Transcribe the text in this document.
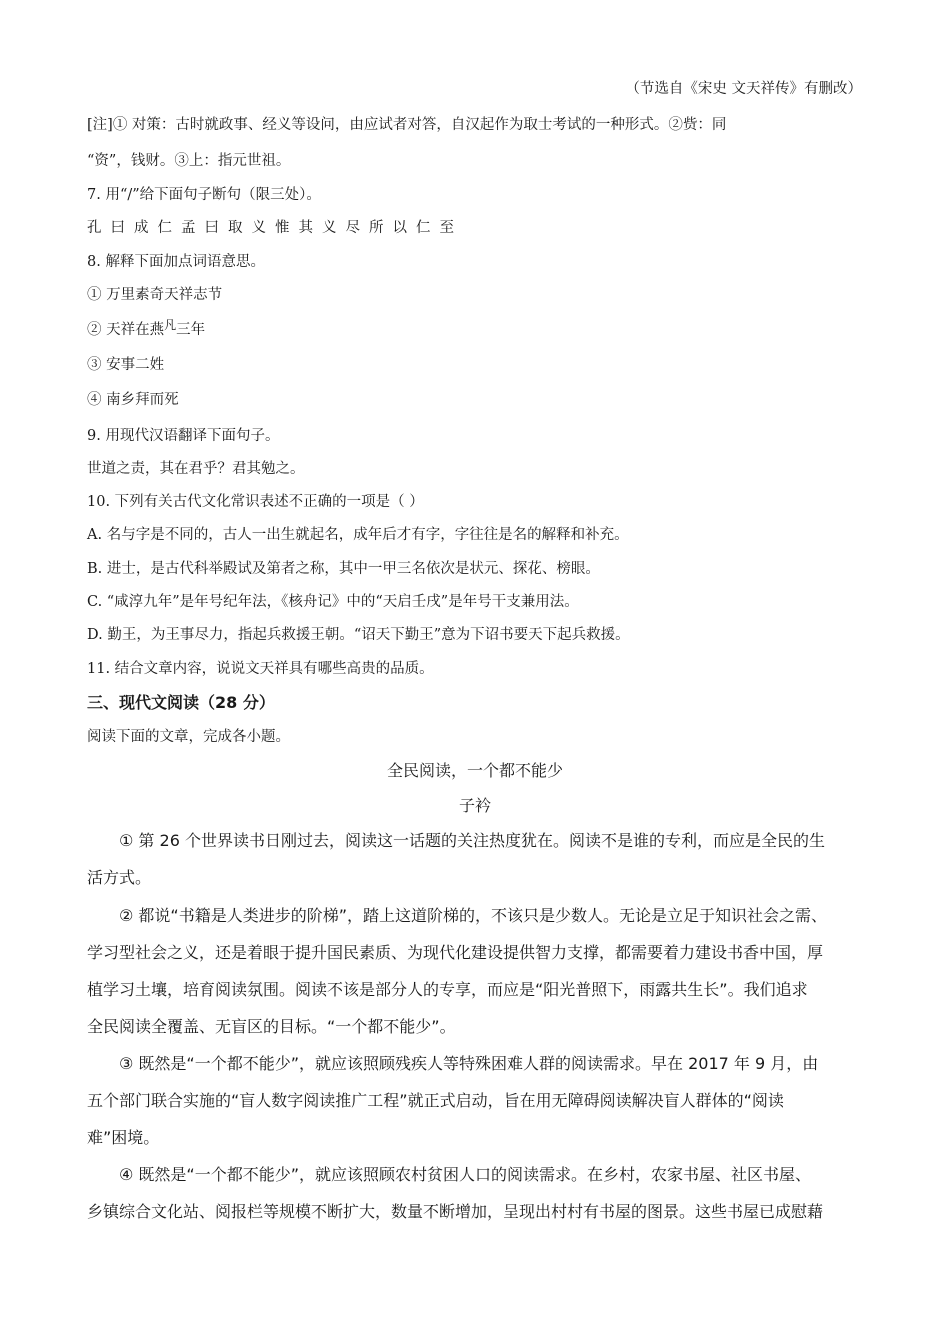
（节选自《宋史 文天祥传》有删改）
[注]① 对策：古时就政事、经义等设问，由应试者对答，自汉起作为取士考试的一种形式。②赀：同
“资”，钱财。③上：指元世祖。
7. 用“/”给下面句子断句（限三处）。
孔曰成仁孟曰取义惟其义尽所以仁至
8. 解释下面加点词语意思。
① 万里素奇天祥志节
② 天祥在燕$^凡$三年
③ 安事二姓
④ 南乡拜而死
9. 用现代汉语翻译下面句子。
世道之责，其在君乎？君其勉之。
10. 下列有关古代文化常识表述不正确的一项是（ ）
A. 名与字是不同的，古人一出生就起名，成年后才有字，字往往是名的解释和补充。
B. 进士，是古代科举殿试及第者之称，其中一甲三名依次是状元、探花、榜眼。
C. “咸淳九年”是年号纪年法，《核舟记》中的“天启壬戌”是年号干支兼用法。
D. 勤王，为王事尽力，指起兵救援王朝。“诏天下勤王”意为下诏书要天下起兵救援。
11. 结合文章内容，说说文天祥具有哪些高贵的品质。
三、现代文阅读（28 分）
阅读下面的文章，完成各小题。
全民阅读，一个都不能少
子衿
① 第 26 个世界读书日刚过去，阅读这一话题的关注热度犹在。阅读不是谁的专利，而应是全民的生
活方式。
② 都说“书籍是人类进步的阶梯”，踏上这道阶梯的，不该只是少数人。无论是立足于知识社会之需、
学习型社会之义，还是着眼于提升国民素质、为现代化建设提供智力支撑，都需要着力建设书香中国，厚
植学习土壤，培育阅读氛围。阅读不该是部分人的专享，而应是“阳光普照下，雨露共生长”。我们追求
全民阅读全覆盖、无盲区的目标。“一个都不能少”。
③ 既然是“一个都不能少”，就应该照顾残疾人等特殊困难人群的阅读需求。早在 2017 年 9 月，由
五个部门联合实施的“盲人数字阅读推广工程”就正式启动，旨在用无障碍阅读解决盲人群体的“阅读
难”困境。
④ 既然是“一个都不能少”，就应该照顾农村贫困人口的阅读需求。在乡村，农家书屋、社区书屋、
乡镇综合文化站、阅报栏等规模不断扩大，数量不断增加，呈现出村村有书屋的图景。这些书屋已成慰藉
